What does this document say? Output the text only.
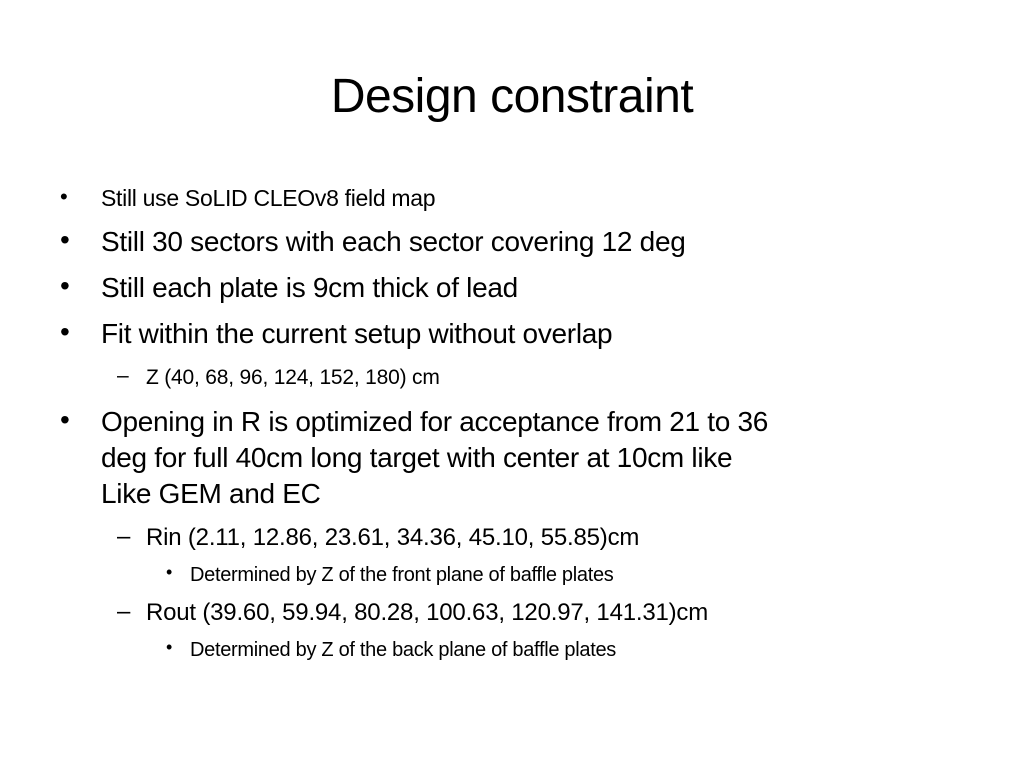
Design constraint
• Still use SoLID CLEOv8 field map
• Still 30 sectors with each sector covering 12 deg
• Still each plate is 9cm thick of lead
• Fit within the current setup without overlap
– Z (40, 68, 96, 124, 152, 180) cm
• Opening in R is optimized for acceptance from 21 to 36
deg for full 40cm long target with center at 10cm like
Like GEM and EC
– Rin (2.11, 12.86, 23.61, 34.36, 45.10, 55.85)cm
• Determined by Z of the front plane of baffle plates
– Rout (39.60, 59.94, 80.28, 100.63, 120.97, 141.31)cm
• Determined by Z of the back plane of baffle plates
